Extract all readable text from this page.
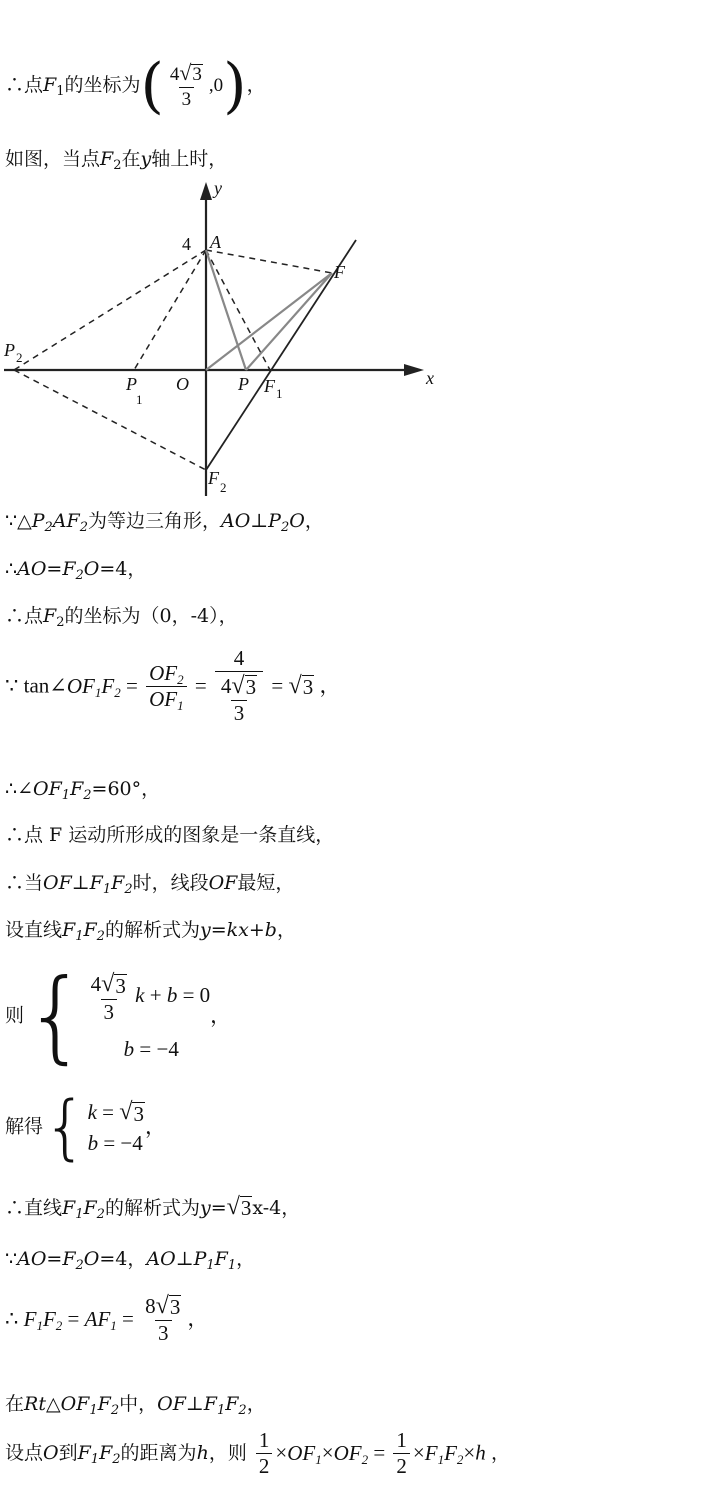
∴点$F_1$的坐标为( $\frac{4 √ 3}{3} ,0$)，
如图，当点$F_2$在y轴上时，
y
x
4 A
F
P 2
P
1
O	P F 1
F 2
$\because\triangle P_2AF_2$为等边三角形，$AO\perp P_2O$，
$\therefore AO=F_2O=4$，
∴点$F_2$的坐标为（0，-4），
∵ $\tan\angle OF_1F_2 = \frac{OF_2}{OF_1} = \frac{4}{\frac{4 √ 3}{3}}$ = √ 3 ，
$\therefore\angle OF_1F_2=60^\circ$，
∴点 F 运动所形成的图象是一条直线，
∴当$OF\perp F_1F_2$时，线段OF最短，
设直线$F_1F_2$的解析式为y=kx+b，
则{ $\frac{4 √ 3}{3}$ k + b = 0
b = −4
，
解得{ k = √ 3
b = −4
，
∴直线$F_1F_2$的解析式为y= √ 3 x-4，
$\because AO=F_2O=4$，$AO\perp P_1F_1$，
∴ $F_1F_2 = AF_1 = \frac{8 √ 3}{3}$ ，
在$Rt\triangle OF_1F_2$中，$OF\perp F_1F_2$，
设点O到$F_1F_2$的距离为h，则 $\frac{1}{2} \times OF_1\times OF_2 = \frac{1}{2} \times F_1F_2\times h$ ，
